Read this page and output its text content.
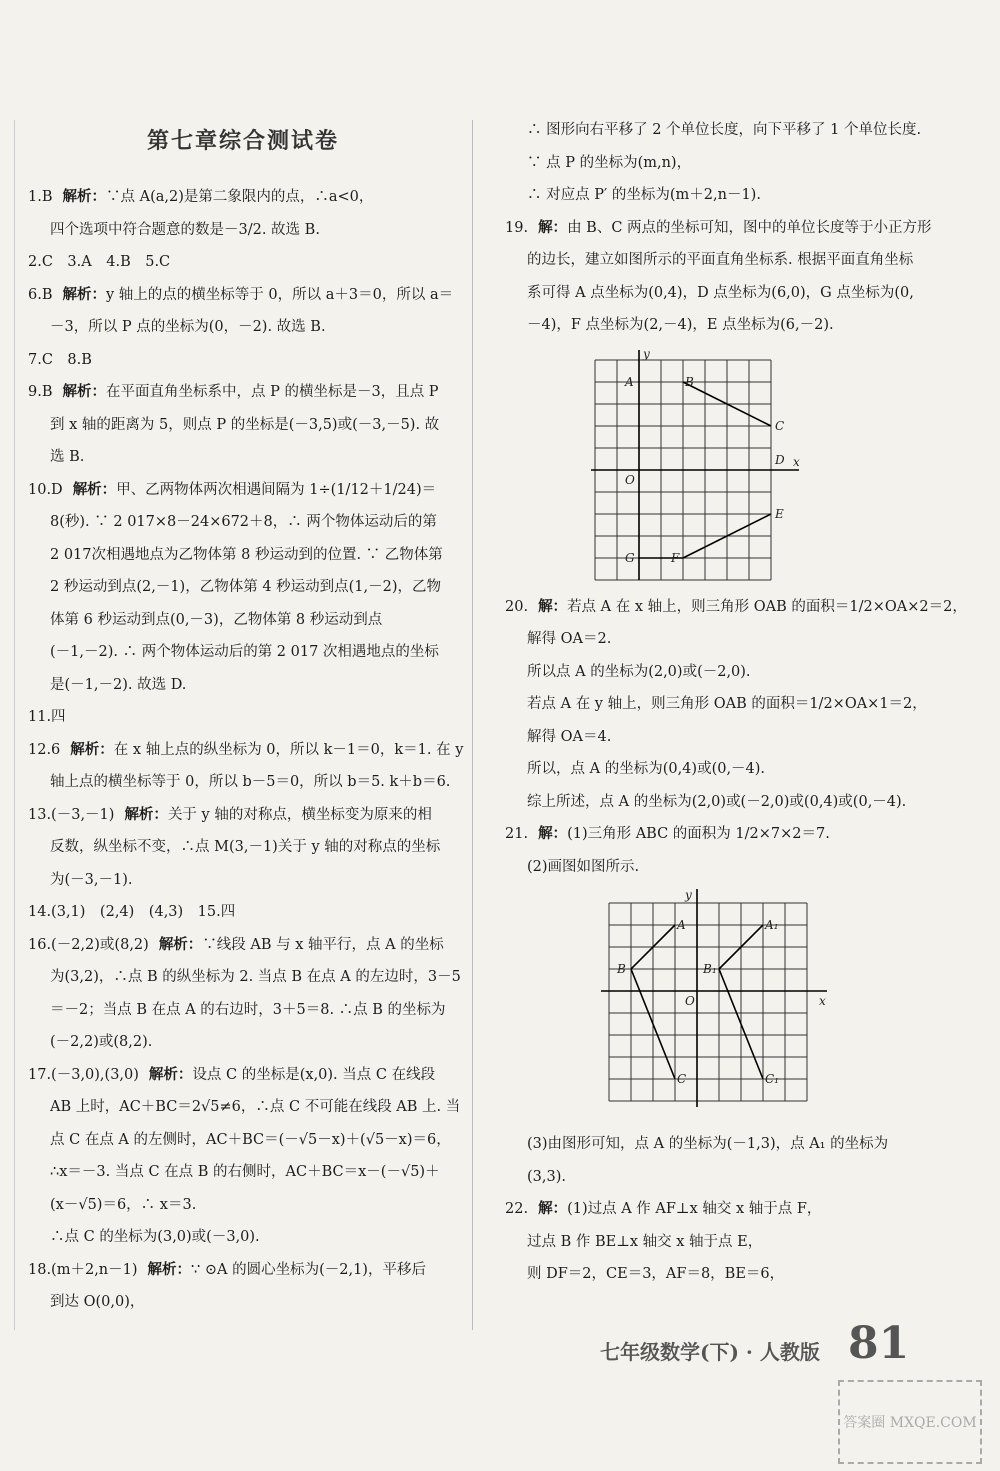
第七章综合测试卷
1.B 解析：∵点 A(a,2)是第二象限内的点，∴a<0，
四个选项中符合题意的数是－3/2. 故选 B.
2.C　3.A　4.B　5.C
6.B 解析：y 轴上的点的横坐标等于 0，所以 a＋3＝0，所以 a＝
－3，所以 P 点的坐标为(0，－2). 故选 B.
7.C　8.B
9.B 解析：在平面直角坐标系中，点 P 的横坐标是－3，且点 P
到 x 轴的距离为 5，则点 P 的坐标是(－3,5)或(－3,－5). 故
选 B.
10.D 解析：甲、乙两物体两次相遇间隔为 1÷(1/12＋1/24)＝
8(秒). ∵ 2 017×8－24×672＋8，∴ 两个物体运动后的第
2 017次相遇地点为乙物体第 8 秒运动到的位置. ∵ 乙物体第
2 秒运动到点(2,－1)，乙物体第 4 秒运动到点(1,－2)，乙物
体第 6 秒运动到点(0,－3)，乙物体第 8 秒运动到点
(－1,－2). ∴ 两个物体运动后的第 2 017 次相遇地点的坐标
是(－1,－2). 故选 D.
11.四
12.6 解析：在 x 轴上点的纵坐标为 0，所以 k－1＝0，k＝1. 在 y
轴上点的横坐标等于 0，所以 b－5＝0，所以 b＝5. k＋b＝6.
13.(－3,－1) 解析：关于 y 轴的对称点，横坐标变为原来的相
反数，纵坐标不变，∴点 M(3,－1)关于 y 轴的对称点的坐标
为(－3,－1).
14.(3,1)　(2,4)　(4,3)　15.四
16.(－2,2)或(8,2) 解析：∵线段 AB 与 x 轴平行，点 A 的坐标
为(3,2)，∴点 B 的纵坐标为 2. 当点 B 在点 A 的左边时，3－5
＝－2；当点 B 在点 A 的右边时，3＋5＝8. ∴点 B 的坐标为
(－2,2)或(8,2).
17.(－3,0),(3,0) 解析：设点 C 的坐标是(x,0). 当点 C 在线段
AB 上时，AC＋BC＝2√5≠6，∴点 C 不可能在线段 AB 上. 当
点 C 在点 A 的左侧时，AC＋BC＝(－√5－x)＋(√5－x)＝6，
∴x＝－3. 当点 C 在点 B 的右侧时，AC＋BC＝x－(－√5)＋
(x－√5)＝6，∴ x＝3.
∴点 C 的坐标为(3,0)或(－3,0).
18.(m＋2,n－1) 解析：∵ ⊙A 的圆心坐标为(－2,1)，平移后
到达 O(0,0)，
∴ 图形向右平移了 2 个单位长度，向下平移了 1 个单位长度.
∵ 点 P 的坐标为(m,n)，
∴ 对应点 P′ 的坐标为(m＋2,n－1).
19. 解：由 B、C 两点的坐标可知，图中的单位长度等于小正方形
的边长，建立如图所示的平面直角坐标系. 根据平面直角坐标
系可得 A 点坐标为(0,4)，D 点坐标为(6,0)，G 点坐标为(0,
－4)，F 点坐标为(2,－4)，E 点坐标为(6,－2).
y
x
O
A	B
C
D
E
F
G
20. 解：若点 A 在 x 轴上，则三角形 OAB 的面积＝1/2×OA×2＝2，
解得 OA＝2.
所以点 A 的坐标为(2,0)或(－2,0).
若点 A 在 y 轴上，则三角形 OAB 的面积＝1/2×OA×1＝2，
解得 OA＝4.
所以，点 A 的坐标为(0,4)或(0,－4).
综上所述，点 A 的坐标为(2,0)或(－2,0)或(0,4)或(0,－4).
21. 解：(1)三角形 ABC 的面积为 1/2×7×2＝7.
(2)画图如图所示.
y
x
O
A
B
C
A₁
B₁
C₁
(3)由图形可知，点 A 的坐标为(－1,3)，点 A₁ 的坐标为
(3,3).
22. 解：(1)过点 A 作 AF⊥x 轴交 x 轴于点 F，
过点 B 作 BE⊥x 轴交 x 轴于点 E，
则 DF＝2，CE＝3，AF＝8，BE＝6，
81
七年级数学(下) · 人教版
答案圈 MXQE.COM
